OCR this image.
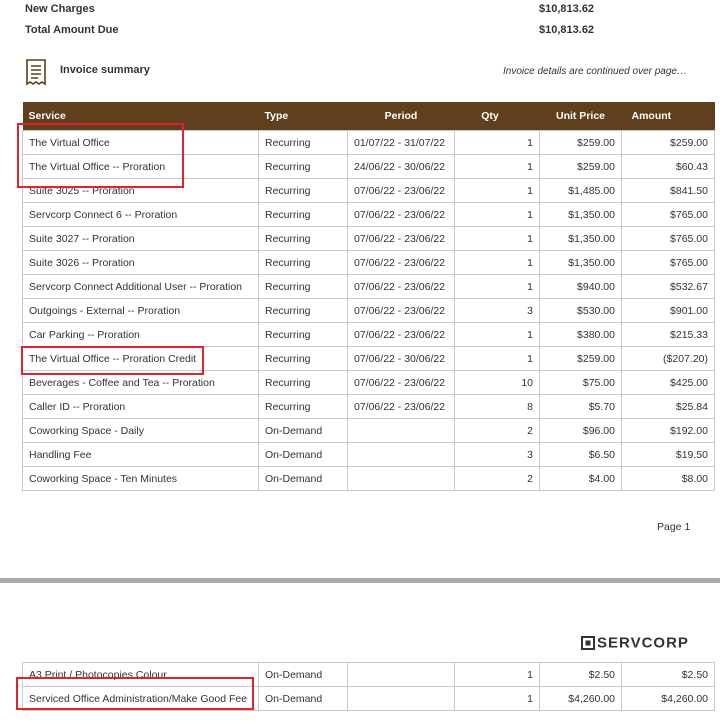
New Charges	$10,813.62
Total Amount Due	$10,813.62
Invoice summary	Invoice details are continued over page…
Service	Type	Period	Qty	Unit Price	Amount
The Virtual Office	Recurring	01/07/22 - 31/07/22	1	$259.00	$259.00
The Virtual Office -- Proration	Recurring	24/06/22 - 30/06/22	1	$259.00	$60.43
Suite 3025 -- Proration	Recurring	07/06/22 - 23/06/22	1	$1,485.00	$841.50
Servcorp Connect 6 -- Proration	Recurring	07/06/22 - 23/06/22	1	$1,350.00	$765.00
Suite 3027 -- Proration	Recurring	07/06/22 - 23/06/22	1	$1,350.00	$765.00
Suite 3026 -- Proration	Recurring	07/06/22 - 23/06/22	1	$1,350.00	$765.00
Servcorp Connect Additional User -- Proration	Recurring	07/06/22 - 23/06/22	1	$940.00	$532.67
Outgoings - External -- Proration	Recurring	07/06/22 - 23/06/22	3	$530.00	$901.00
Car Parking -- Proration	Recurring	07/06/22 - 23/06/22	1	$380.00	$215.33
The Virtual Office -- Proration Credit	Recurring	07/06/22 - 30/06/22	1	$259.00	($207.20)
Beverages - Coffee and Tea -- Proration	Recurring	07/06/22 - 23/06/22	10	$75.00	$425.00
Caller ID -- Proration	Recurring	07/06/22 - 23/06/22	8	$5.70	$25.84
Coworking Space - Daily	On-Demand		2	$96.00	$192.00
Handling Fee	On-Demand		3	$6.50	$19.50
Coworking Space - Ten Minutes	On-Demand		2	$4.00	$8.00
Page 1
SERVCORP
A3 Print / Photocopies Colour	On-Demand		1	$2.50	$2.50
Serviced Office Administration/Make Good Fee	On-Demand		1	$4,260.00	$4,260.00
